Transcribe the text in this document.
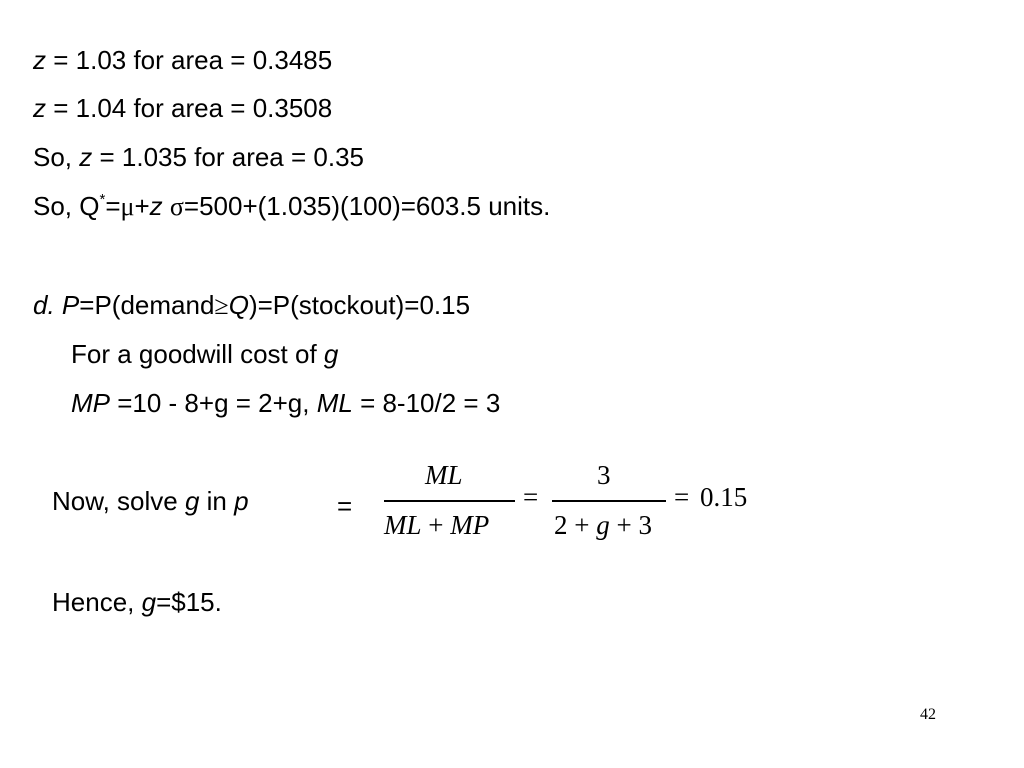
z = 1.03 for area = 0.3485
z = 1.04 for area = 0.3508
So, z = 1.035 for area = 0.35
So, Q*=μ+z σ=500+(1.035)(100)=603.5 units.
d. P=P(demand≥Q)=P(stockout)=0.15
For a goodwill cost of g
MP =10 - 8+g = 2+g, ML = 8-10/2 = 3
Now, solve g in p	=
ML
ML + MP
=
3
2 + g + 3
= 0.15
Hence, g=$15.
42
